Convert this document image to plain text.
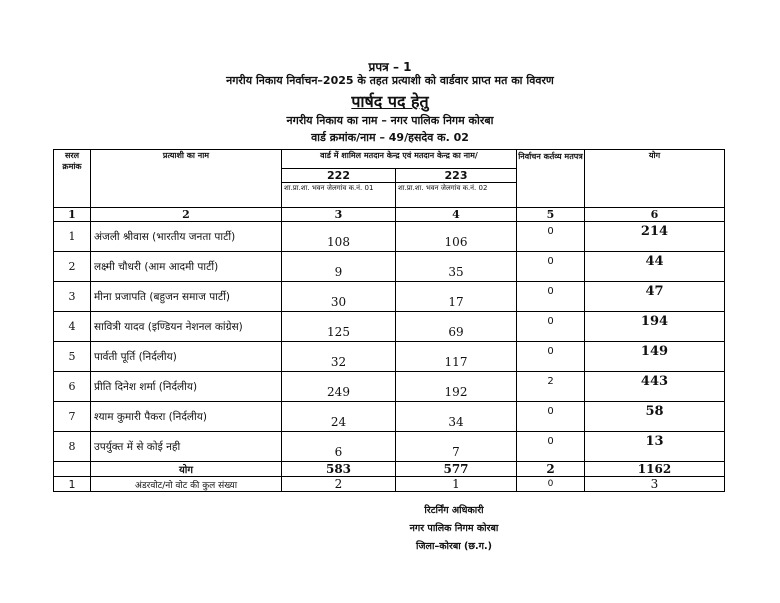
प्रपत्र – 1
नगरीय निकाय निर्वाचन–2025 के तहत प्रत्याशी को वार्डवार प्राप्त मत का विवरण
पार्षद पद हेतु
नगरीय निकाय का नाम – नगर पालिक निगम कोरबा
वार्ड क्रमांक/नाम – 49/हसदेव क. 02
सरल क्रमांक	प्रत्याशी का नाम	वार्ड में शामिल मतदान केन्द्र एवं मतदान केन्द्र का नाम/		निर्वाचन कर्तव्य मतपत्र	योग
		222	223		
		शा.प्रा.शा. भवन जेलगांव क.नं. 01	शा.प्रा.शा. भवन जेलगांव क.नं. 02		
1	2	3	4	5	6
1	अंजली श्रीवास (भारतीय जनता पार्टी)	108	106	0	214
2	लक्ष्मी चौधरी (आम आदमी पार्टी)	9	35	0	44
3	मीना प्रजापति (बहुजन समाज पार्टी)	30	17	0	47
4	सावित्री यादव (इण्डियन नेशनल कांग्रेस)	125	69	0	194
5	पार्वती पूर्ति (निर्दलीय)	32	117	0	149
6	प्रीति दिनेश शर्मा (निर्दलीय)	249	192	2	443
7	श्याम कुमारी पैकरा (निर्दलीय)	24	34	0	58
8	उपर्युक्त में से कोई नही	6	7	0	13
	योग	583	577	2	1162
1	अंडरवोट/नो वोट की कुल संख्या	2	1	0	3
रिटर्निंग अधिकारी
नगर पालिक निगम कोरबा
जिला–कोरबा (छ.ग.)
